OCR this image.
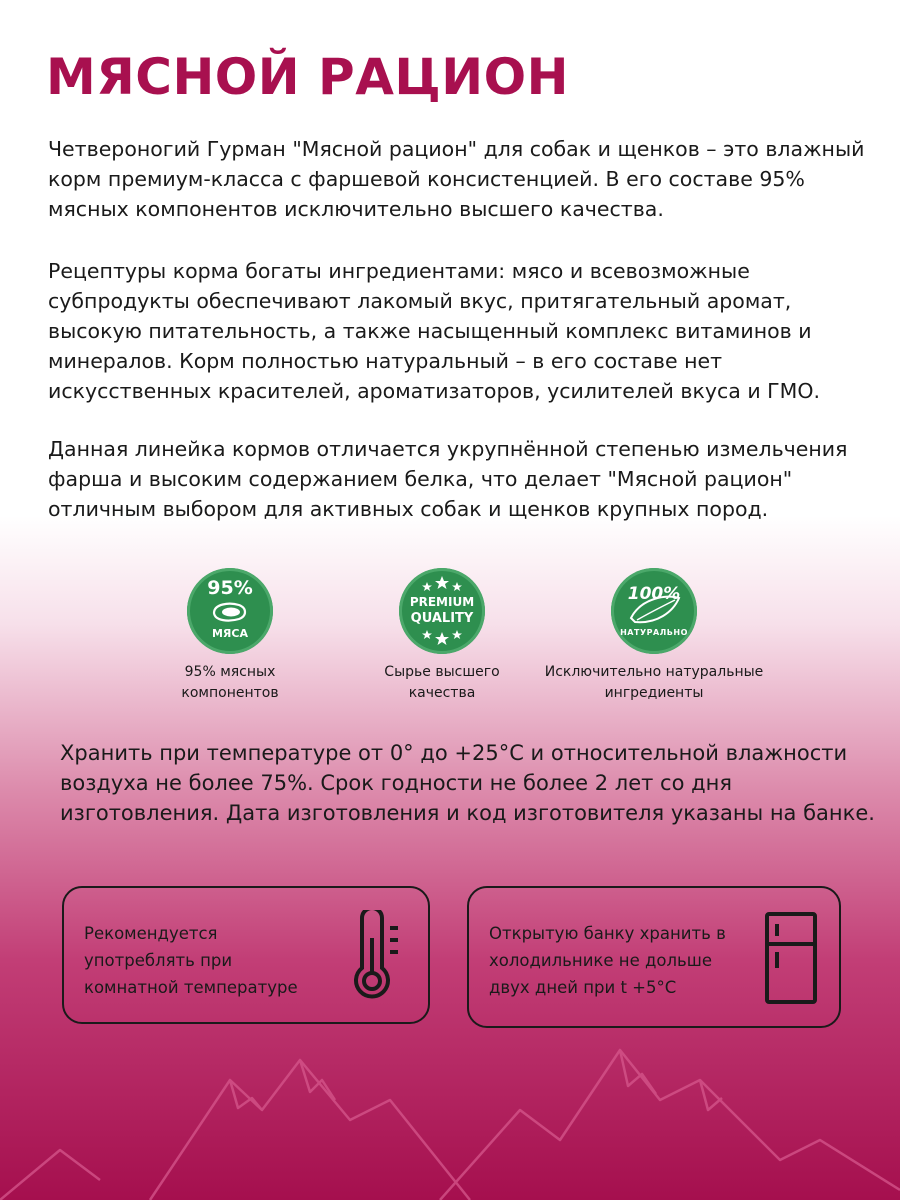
МЯСНОЙ РАЦИОН

Четвероногий Гурман "Мясной рацион" для собак и щенков – это влажный корм премиум-класса с фаршевой консистенцией. В его составе 95% мясных компонентов исключительно высшего качества.

Рецептуры корма богаты ингредиентами: мясо и всевозможные субпродукты обеспечивают лакомый вкус, притягательный аромат, высокую питательность, а также насыщенный комплекс витаминов и минералов. Корм полностью натуральный – в его составе нет искусственных красителей, ароматизаторов, усилителей вкуса и ГМО.

Данная линейка кормов отличается укрупнённой степенью измельчения фарша и высоким содержанием белка, что делает "Мясной рацион" отличным выбором для активных собак и щенков крупных пород.

95%
МЯСА
95% мясных компонентов
PREMIUM
QUALITY
Сырье высшего качества
100%
НАТУРАЛЬНО
Исключительно натуральные ингредиенты

Хранить при температуре от 0° до +25°С и относительной влажности воздуха не более 75%. Срок годности не более 2 лет со дня изготовления. Дата изготовления и код изготовителя указаны на банке.

Рекомендуется употреблять при комнатной температуре
Открытую банку хранить в холодильнике не дольше двух дней при t +5°С
